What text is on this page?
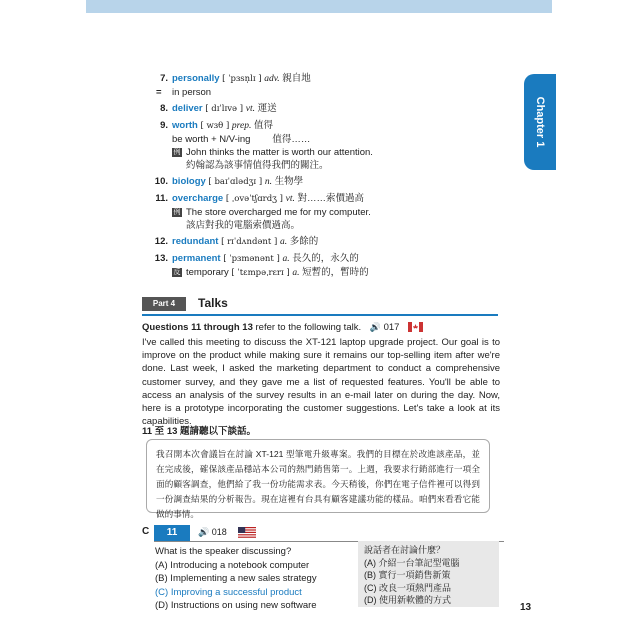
Chapter 1
7. personally [ ˈpɜsn̩lɪ ] adv. 親自地
= in person
8. deliver [ dɪˈlɪvə ] vt. 運送
9. worth [ wɜθ ] prep. 值得
be worth + N/V-ing 值得……
例 John thinks the matter is worth our attention.
約翰認為該事情值得我們的關注。
10. biology [ baɪˈɑlədʒɪ ] n. 生物學
11. overcharge [ ˌovəˈtʃɑrdʒ ] vt. 對……索價過高
例 The store overcharged me for my computer.
該店對我的電腦索價過高。
12. redundant [ rɪˈdʌndənt ] a. 多餘的
13. permanent [ ˈpɜmənənt ] a. 長久的，永久的
反 temporary [ ˈtɛmpəˌrɛrɪ ] a. 短暫的，暫時的
Part 4	Talks
Questions 11 through 13 refer to the following talk. 🔊 017
I've called this meeting to discuss the XT-121 laptop upgrade project. Our goal is to improve on the product while making sure it remains our top-selling item after we're done. Last week, I asked the marketing department to conduct a comprehensive customer survey, and they gave me a list of requested features. You'll be able to access an analysis of the survey results in an e-mail later on during the day. Now, here is a prototype incorporating the customer suggestions. Let's take a look at its capabilities.
11 至 13 題請聽以下談話。
我召開本次會議旨在討論 XT-121 型筆電升級專案。我們的目標在於改進該產品，並在完成後，確保該產品穩站本公司的熱門銷售第一。上週，我要求行銷部進行一項全面的顧客調查，他們給了我一份功能需求表。今天稍後，你們在電子信件裡可以得到一份調查結果的分析報告。現在這裡有台具有顧客建議功能的樣品。咱們來看看它能做的事情。
C	11	🔊 018
What is the speaker discussing?
(A) Introducing a notebook computer
(B) Implementing a new sales strategy
(C) Improving a successful product
(D) Instructions on using new software
說話者在討論什麼？
(A) 介紹一台筆記型電腦
(B) 實行一項銷售新策
(C) 改良一項熱門產品
(D) 使用新軟體的方式
13
